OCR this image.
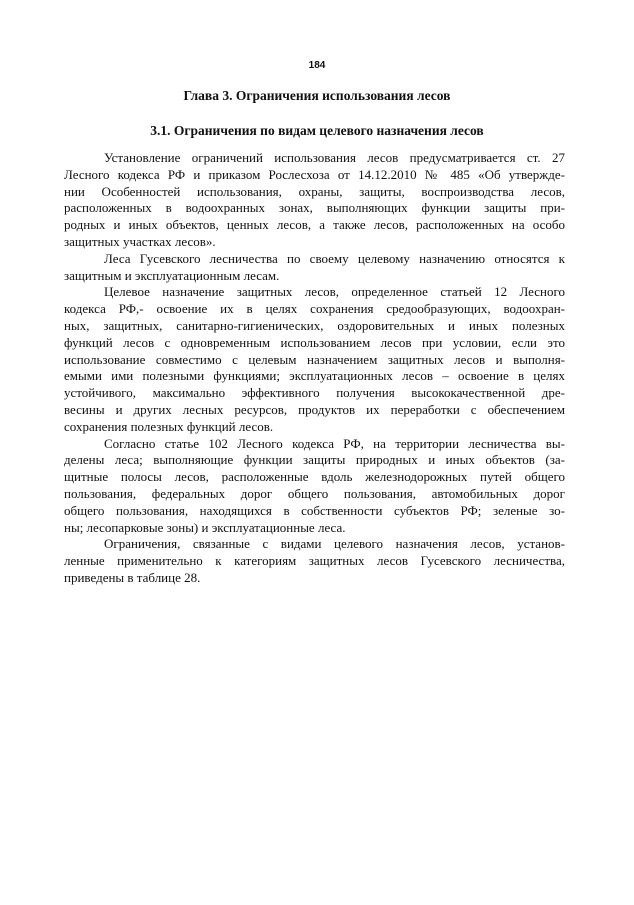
184
Глава 3. Ограничения использования лесов
3.1. Ограничения по видам целевого назначения лесов
Установление ограничений использования лесов предусматривается ст. 27
Лесного кодекса РФ и приказом Рослесхоза от 14.12.2010 № 485 «Об утвержде-
нии Особенностей использования, охраны, защиты, воспроизводства лесов,
расположенных в водоохранных зонах, выполняющих функции защиты при-
родных и иных объектов, ценных лесов, а также лесов, расположенных на особо
защитных участках лесов».
Леса Гусевского лесничества по своему целевому назначению относятся к
защитным и эксплуатационным лесам.
Целевое назначение защитных лесов, определенное статьей 12 Лесного
кодекса РФ,- освоение их в целях сохранения средообразующих, водоохран-
ных, защитных, санитарно-гигиенических, оздоровительных и иных полезных
функций лесов с одновременным использованием лесов при условии, если это
использование совместимо с целевым назначением защитных лесов и выполня-
емыми ими полезными функциями; эксплуатационных лесов – освоение в целях
устойчивого, максимально эффективного получения высококачественной дре-
весины и других лесных ресурсов, продуктов их переработки с обеспечением
сохранения полезных функций лесов.
Согласно статье 102 Лесного кодекса РФ, на территории лесничества вы-
делены леса; выполняющие функции защиты природных и иных объектов (за-
щитные полосы лесов, расположенные вдоль железнодорожных путей общего
пользования, федеральных дорог общего пользования, автомобильных дорог
общего пользования, находящихся в собственности субъектов РФ; зеленые зо-
ны; лесопарковые зоны) и эксплуатационные леса.
Ограничения, связанные с видами целевого назначения лесов, установ-
ленные применительно к категориям защитных лесов Гусевского лесничества,
приведены в таблице 28.
